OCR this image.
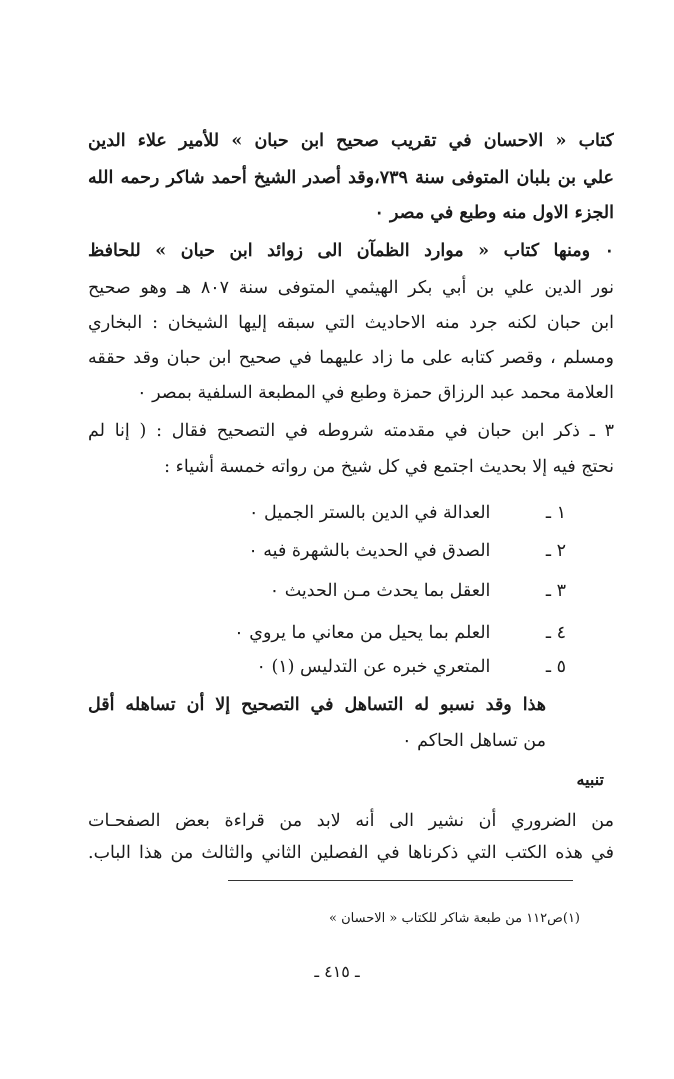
كتاب « الاحسان في تقريب صحيح ابن حبان » للأمير علاء الدين
علي بن بلبان المتوفى سنة ٧٣٩،وقد أصدر الشيخ أحمد شاكر رحمه الله
الجزء الاول منه وطبع في مصر ٠
٠ ومنها كتاب « موارد الظمآن الى زوائد ابن حبان » للحافظ
نور الدين علي بن أبي بكر الهيثمي المتوفى سنة ٨٠٧ هـ وهو صحيح
ابن حبان لكنه جرد منه الاحاديث التي سبقه إليها الشيخان : البخاري
ومسلم ، وقصر كتابه على ما زاد عليهما في صحيح ابن حبان وقد حققه
العلامة محمد عبد الرزاق حمزة وطبع في المطبعة السلفية بمصر ٠
٣ ـ ذكر ابن حبان في مقدمته شروطه في التصحيح فقال : ( إنا لم
نحتج فيه إلا بحديث اجتمع في كل شيخ من رواته خمسة أشياء :
١ ـ العدالة في الدين بالستر الجميل ٠
٢ ـ الصدق في الحديث بالشهرة فيه ٠
٣ ـ العقل بما يحدث مـن الحديث ٠
٤ ـ العلم بما يحيل من معاني ما يروي ٠
٥ ـ المتعري خبره عن التدليس (١) ٠
هذا وقد نسبو له التساهل في التصحيح إلا أن تساهله أقل
من تساهل الحاكم ٠
تنبيه
من الضروري أن نشير الى أنه لابد من قراءة بعض الصفحـات
في هذه الكتب التي ذكرناها في الفصلين الثاني والثالث من هذا الباب.
(١)ص١١٢ من طبعة شاكر للكتاب « الاحسان »
ـ ٤١٥ ـ
